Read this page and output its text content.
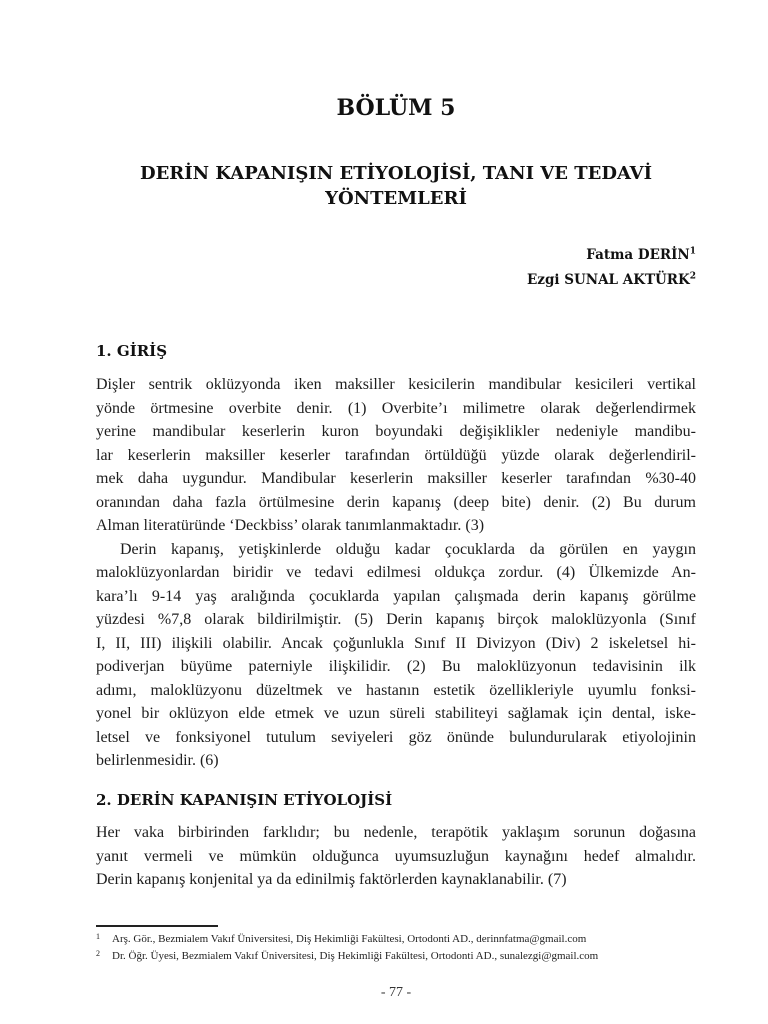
BÖLÜM 5
DERİN KAPANIŞIN ETİYOLOJİSİ, TANI VE TEDAVİ
YÖNTEMLERİ
Fatma DERİN$^1$
Ezgi SUNAL AKTÜRK$^2$
1. GİRİŞ
Dişler sentrik oklüzyonda iken maksiller kesicilerin mandibular kesicileri vertikal
yönde örtmesine overbite denir. (1) Overbite’ı milimetre olarak değerlendirmek
yerine mandibular keserlerin kuron boyundaki değişiklikler nedeniyle mandibu-
lar keserlerin maksiller keserler tarafından örtüldüğü yüzde olarak değerlendiril-
mek daha uygundur. Mandibular keserlerin maksiller keserler tarafından %30-40
oranından daha fazla örtülmesine derin kapanış (deep bite) denir. (2) Bu durum
Alman literatüründe ‘Deckbiss’ olarak tanımlanmaktadır. (3)
Derin kapanış, yetişkinlerde olduğu kadar çocuklarda da görülen en yaygın
maloklüzyonlardan biridir ve tedavi edilmesi oldukça zordur. (4) Ülkemizde An-
kara’lı 9-14 yaş aralığında çocuklarda yapılan çalışmada derin kapanış görülme
yüzdesi %7,8 olarak bildirilmiştir. (5) Derin kapanış birçok maloklüzyonla (Sınıf
I, II, III) ilişkili olabilir. Ancak çoğunlukla Sınıf II Divizyon (Div) 2 iskeletsel hi-
podiverjan büyüme paterniyle ilişkilidir. (2) Bu maloklüzyonun tedavisinin ilk
adımı, maloklüzyonu düzeltmek ve hastanın estetik özellikleriyle uyumlu fonksi-
yonel bir oklüzyon elde etmek ve uzun süreli stabiliteyi sağlamak için dental, iske-
letsel ve fonksiyonel tutulum seviyeleri göz önünde bulundurularak etiyolojinin
belirlenmesidir. (6)
2. DERİN KAPANIŞIN ETİYOLOJİSİ
Her vaka birbirinden farklıdır; bu nedenle, terapötik yaklaşım sorunun doğasına
yanıt vermeli ve mümkün olduğunca uyumsuzluğun kaynağını hedef almalıdır.
Derin kapanış konjenital ya da edinilmiş faktörlerden kaynaklanabilir. (7)
1	Arş. Gör., Bezmialem Vakıf Üniversitesi, Diş Hekimliği Fakültesi, Ortodonti AD., derinnfatma@gmail.com
2	Dr. Öğr. Üyesi, Bezmialem Vakıf Üniversitesi, Diş Hekimliği Fakültesi, Ortodonti AD., sunalezgi@gmail.com
- 77 -
